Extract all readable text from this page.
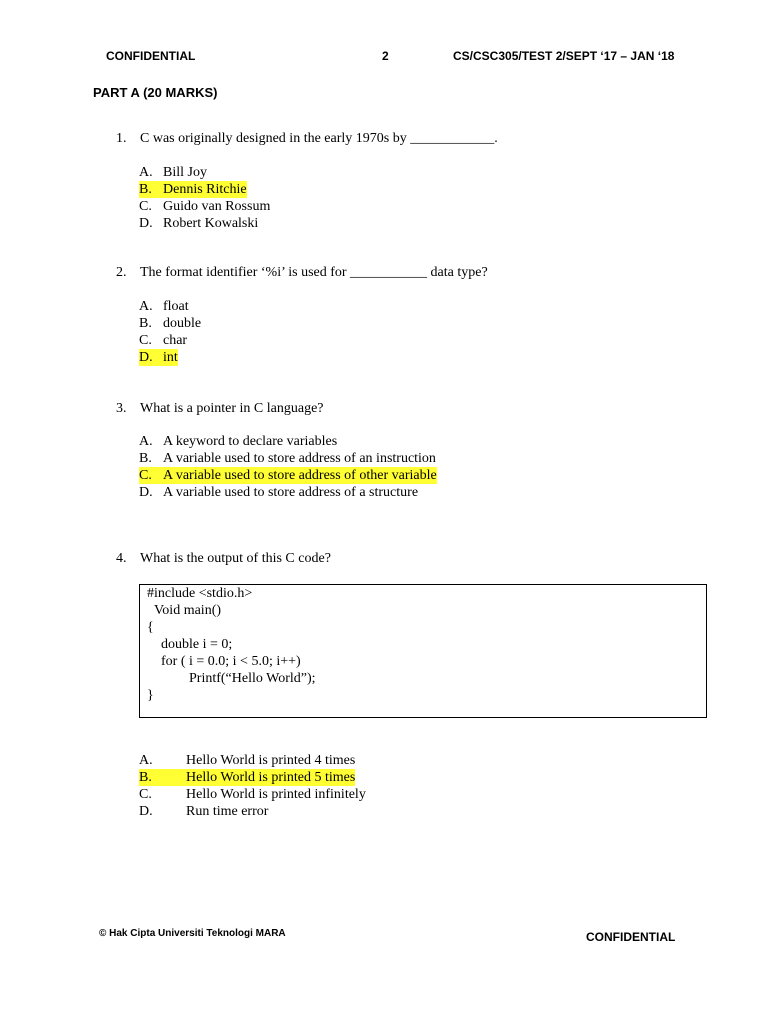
CONFIDENTIAL	2	CS/CSC305/TEST 2/SEPT ‘17 – JAN ‘18
PART A (20 MARKS)
1. C was originally designed in the early 1970s by ____________.
A. Bill Joy
B. Dennis Ritchie
C. Guido van Rossum
D. Robert Kowalski
2. The format identifier ‘%i’ is used for ___________ data type?
A. float
B. double
C. char
D. int
3. What is a pointer in C language?
A. A keyword to declare variables
B. A variable used to store address of an instruction
C. A variable used to store address of other variable
D. A variable used to store address of a structure
4. What is the output of this C code?
#include <stdio.h>
Void main()
{
double i = 0;
for ( i = 0.0; i < 5.0; i++)
Printf(“Hello World”);
}
A. Hello World is printed 4 times
B. Hello World is printed 5 times
C. Hello World is printed infinitely
D. Run time error
© Hak Cipta Universiti Teknologi MARA	CONFIDENTIAL
